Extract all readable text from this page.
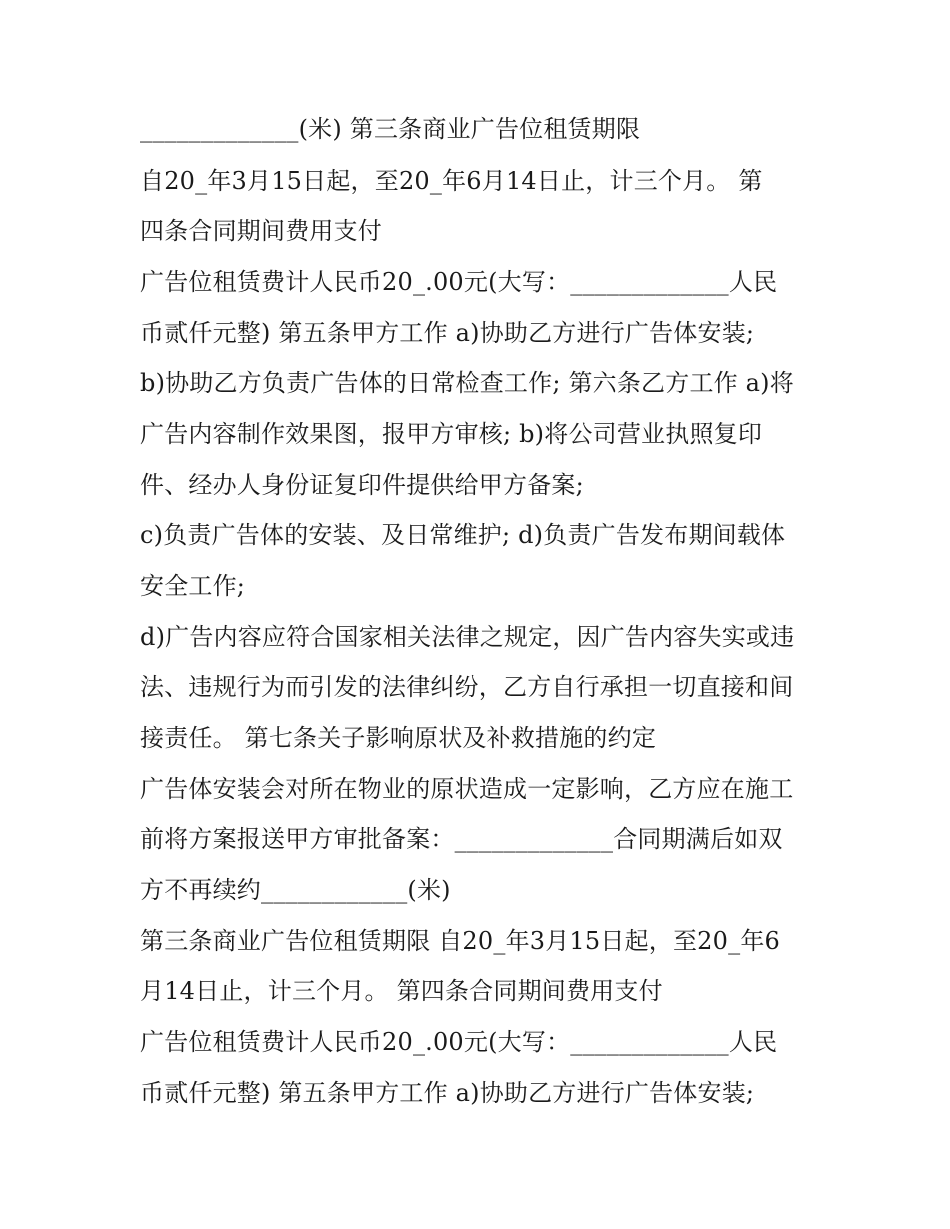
_____________(米) 第三条商业广告位租赁期限

自20_年3月15日起，至20_年6月14日止，计三个月。 第

四条合同期间费用支付

广告位租赁费计人民币20_.00元(大写：_____________人民

币贰仟元整) 第五条甲方工作 a)协助乙方进行广告体安装;

b)协助乙方负责广告体的日常检查工作; 第六条乙方工作 a)将

广告内容制作效果图，报甲方审核; b)将公司营业执照复印

件、经办人身份证复印件提供给甲方备案;

c)负责广告体的安装、及日常维护; d)负责广告发布期间载体

安全工作;

d)广告内容应符合国家相关法律之规定，因广告内容失实或违

法、违规行为而引发的法律纠纷，乙方自行承担一切直接和间

接责任。 第七条关子影响原状及补救措施的约定

广告体安装会对所在物业的原状造成一定影响，乙方应在施工

前将方案报送甲方审批备案：_____________合同期满后如双

方不再续约____________(米)

第三条商业广告位租赁期限 自20_年3月15日起，至20_年6

月14日止，计三个月。 第四条合同期间费用支付

广告位租赁费计人民币20_.00元(大写：_____________人民

币贰仟元整) 第五条甲方工作 a)协助乙方进行广告体安装;
